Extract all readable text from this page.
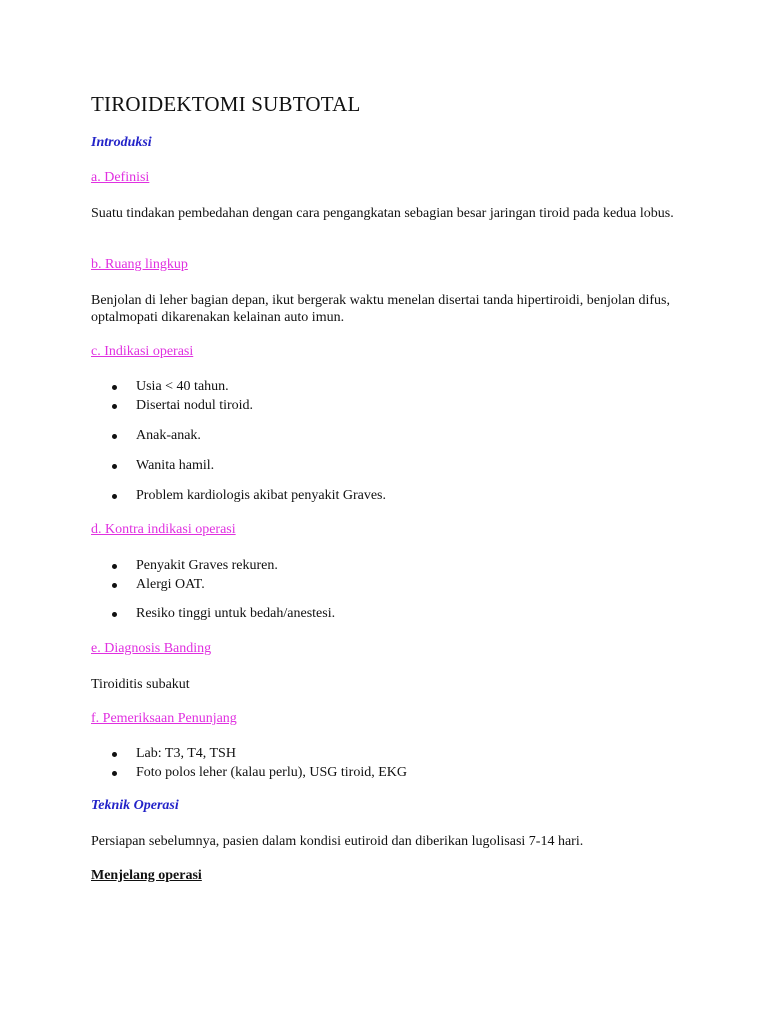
TIROIDEKTOMI SUBTOTAL

Introduksi

a. Definisi

Suatu tindakan pembedahan dengan cara pengangkatan sebagian besar jaringan tiroid pada kedua lobus.

b. Ruang lingkup

Benjolan di leher bagian depan, ikut bergerak waktu menelan disertai tanda hipertiroidi, benjolan difus, optalmopati dikarenakan kelainan auto imun.

c. Indikasi operasi

Usia < 40 tahun.

Disertai nodul tiroid.

Anak-anak.

Wanita hamil.

Problem kardiologis akibat penyakit Graves.

d. Kontra indikasi operasi

Penyakit Graves rekuren.

Alergi OAT.

Resiko tinggi untuk bedah/anestesi.

e. Diagnosis Banding

Tiroiditis subakut

f. Pemeriksaan Penunjang

Lab: T3, T4, TSH

Foto polos leher (kalau perlu), USG tiroid, EKG

Teknik Operasi

Persiapan sebelumnya, pasien dalam kondisi eutiroid dan diberikan lugolisasi 7-14 hari.

Menjelang operasi
